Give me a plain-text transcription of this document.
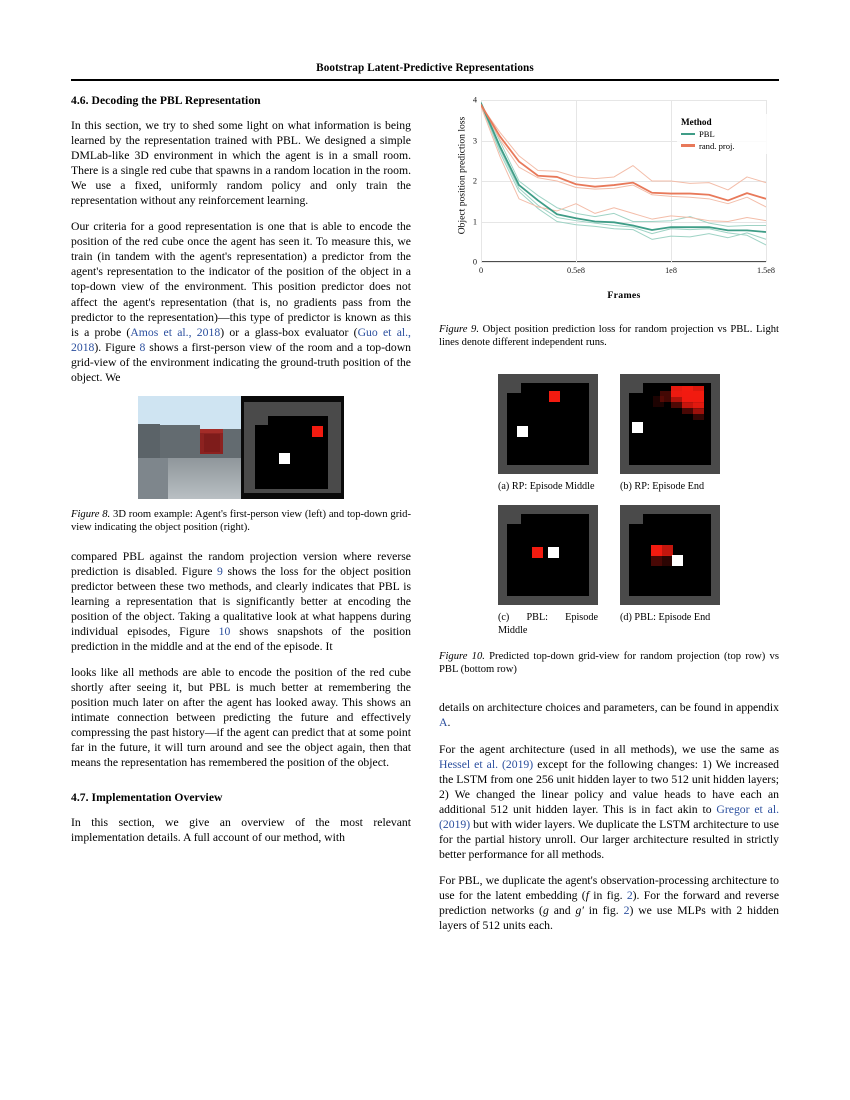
Bootstrap Latent-Predictive Representations
4.6. Decoding the PBL Representation

In this section, we try to shed some light on what information is being learned by the representation trained with PBL. We designed a simple DMLab-like 3D environment in which the agent is in a small room. There is a single red cube that spawns in a random location in the room. We use a fixed, uniformly random policy and only train the representation without any reinforcement learning.

Our criteria for a good representation is one that is able to encode the position of the red cube once the agent has seen it. To measure this, we train (in tandem with the agent's representation) a predictor from the agent's representation to the indicator of the position of the object in a top-down view of the environment. This position predictor does not affect the agent's representation (that is, no gradients pass from the predictor to the representation)—this type of predictor is known as this is a probe (Amos et al., 2018) or a glass-box evaluator (Guo et al., 2018). Figure 8 shows a first-person view of the room and a top-down grid-view of the environment indicating the ground-truth position of the object. We

Figure 8. 3D room example: Agent's first-person view (left) and top-down grid-view indicating the object position (right).

compared PBL against the random projection version where reverse prediction is disabled. Figure 9 shows the loss for the object position predictor between these two methods, and clearly indicates that PBL is learning a representation that is significantly better at encoding the position of the object. Taking a qualitative look at what happens during individual episodes, Figure 10 shows snapshots of the position prediction in the middle and at the end of the episode. It

looks like all methods are able to encode the position of the red cube shortly after seeing it, but PBL is much better at remembering the position much later on after the agent has looked away. This shows an intimate connection between predicting the future and effectively compressing the past history—if the agent can predict that at some point far in the future, it will turn around and see the object again, then that means the representation has remembered the position of the object.

4.7. Implementation Overview

In this section, we give an overview of the most relevant implementation details. A full account of our method, with

Object position prediction loss
0
1
2
3
4
0	0.5e8	1e8	1.5e8
Method
PBL
rand. proj.
Frames

Figure 9. Object position prediction loss for random projection vs PBL. Light lines denote different independent runs.

(a) RP: Episode Middle	(b) RP: Episode End

(c) PBL: Episode Middle

(d) PBL: Episode End

Figure 10. Predicted top-down grid-view for random projection (top row) vs PBL (bottom row)

details on architecture choices and parameters, can be found in appendix A.

For the agent architecture (used in all methods), we use the same as Hessel et al. (2019) except for the following changes: 1) We increased the LSTM from one 256 unit hidden layer to two 512 unit hidden layers; 2) We changed the linear policy and value heads to have each an additional 512 unit hidden layer. This is in fact akin to Gregor et al. (2019) but with wider layers. We duplicate the LSTM architecture to use for the partial history unroll. Our larger architecture resulted in strictly better performance for all methods.

For PBL, we duplicate the agent's observation-processing architecture to use for the latent embedding (f in fig. 2). For the forward and reverse prediction networks (g and g′ in fig. 2) we use MLPs with 2 hidden layers of 512 units each.
